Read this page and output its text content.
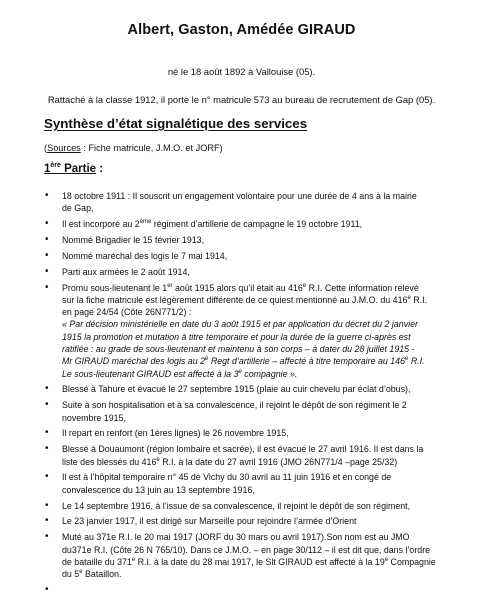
Albert, Gaston, Amédée GIRAUD
né le 18 août 1892 à Vallouise (05).
Rattaché à la classe 1912, il porte le n° matricule 573 au bureau de recrutement de Gap (05).
Synthèse d’état signalétique des services
(Sources : Fiche matricule, J.M.O. et JORF)
1ère Partie :
• 18 octobre 1911 : Il souscrit un engagement volontaire pour une durée de 4 ans à la mairie
de Gap,
• Il est incorporé au 2ème régiment d’artillerie de campagne le 19 octobre 1911,
• Nommé Brigadier le 15 février 1913,
• Nommé maréchal des logis le 7 mai 1914,
• Parti aux armées le 2 août 1914,
• Promu sous-lieutenant le 1er août 1915 alors qu’il était au 416e R.I. Cette information relevé
sur la fiche matricule est légèrement différente de ce quiest mentionné au J.M.O. du 416e R.I.
en page 24/54 (Côte 26N771/2) :
« Par décision ministérielle en date du 3 août 1915 et par application du décret du 2 janvier
1915 la promotion et mutation à titre temporaire et pour la durée de la guerre ci-après est
ratifiée : au grade de sous-lieutenant et maintenu à son corps – à dater du 28 juillet 1915 -
Mr GIRAUD maréchal des logis au $2^è$ Regt d’artillerie – affecté à titre temporaire au 146e R.I.
Le sous-lieutenant GIRAUD est affecté à la 3e compagnie ».
• Blessé à Tahure et évacué le 27 septembre 1915 (plaie au cuir chevelu par éclat d’obus),
• Suite à son hospitalisation et à sa convalescence, il rejoint le dépôt de son régiment le 2
novembre 1915,
• Il repart en renfort (en 1ères lignes) le 26 novembre 1915,
• Blessé à Douaumont (région lombaire et sacrée), il est évacué le 27 avril 1916. Il est dans la
liste des blessés du 416e R.I. à la date du 27 avril 1916 (JMO 26N771/4 –page 25/32)
• Il est à l’hôpital temporaire n° 45 de Vichy du 30 avril au 11 juin 1916 et en congé de
convalescence du 13 juin au 13 septembre 1916,
• Le 14 septembre 1916, à l’issue de sa convalescence, il rejoint le dépôt de son régiment,
• Le 23 janvier 1917, il est dirigé sur Marseille pour rejoindre l’armée d’Orient
• Muté au 371e R.I. le 20 mai 1917 (JORF du 30 mars ou avril 1917).Son nom est au JMO
du371e R.I. (Côte 26 N 765/10). Dans ce J.M.O. – en page 30/112 – il est dit que, dans l’ordre
de bataille du 371e R.I. à la date du 28 mai 1917, le Slt GIRAUD est affecté à la 19e Compagnie
du 5e Bataillon.
•
